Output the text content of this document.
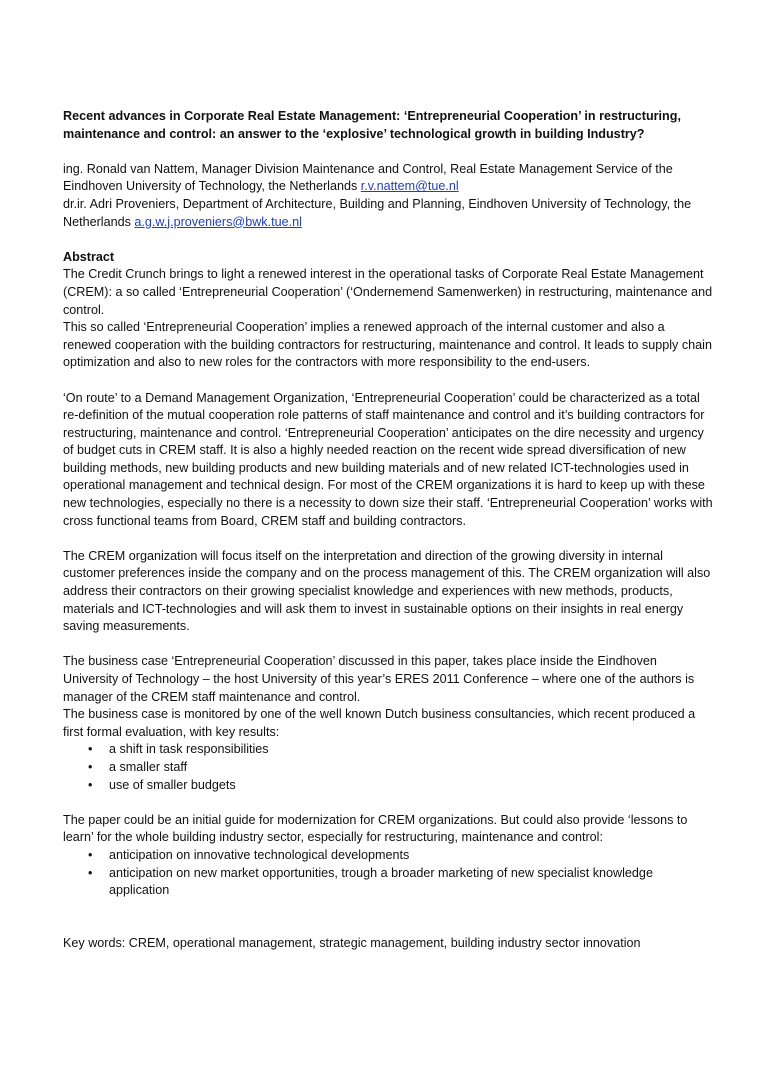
Recent advances in Corporate Real Estate Management: ‘Entrepreneurial Cooperation’ in restructuring, maintenance and control: an answer to the ‘explosive’ technological growth in building Industry?

ing. Ronald van Nattem, Manager Division Maintenance and Control, Real Estate Management Service of the Eindhoven University of Technology, the Netherlands r.v.nattem@tue.nl
dr.ir. Adri Proveniers, Department of Architecture, Building and Planning, Eindhoven University of Technology, the Netherlands a.g.w.j.proveniers@bwk.tue.nl
Abstract
The Credit Crunch brings to light a renewed interest in the operational tasks of Corporate Real Estate Management (CREM): a so called ‘Entrepreneurial Cooperation’ (‘Ondernemend Samenwerken) in restructuring, maintenance and control.
This so called ‘Entrepreneurial Cooperation’ implies a renewed approach of the internal customer and also a renewed cooperation with the building contractors for restructuring, maintenance and control. It leads to supply chain optimization and also to new roles for the contractors with more responsibility to the end-users.

‘On route’ to a Demand Management Organization, ‘Entrepreneurial Cooperation’ could be characterized as a total re-definition of the mutual cooperation role patterns of staff maintenance and control and it’s building contractors for restructuring, maintenance and control. ‘Entrepreneurial Cooperation’ anticipates on the dire necessity and urgency of budget cuts in CREM staff. It is also a highly needed reaction on the recent wide spread diversification of new building methods, new building products and new building materials and of new related ICT-technologies used in operational management and technical design. For most of the CREM organizations it is hard to keep up with these new technologies, especially no there is a necessity to down size their staff. ‘Entrepreneurial Cooperation’ works with cross functional teams from Board, CREM staff and building contractors.

The CREM organization will focus itself on the interpretation and direction of the growing diversity in internal customer preferences inside the company and on the process management of this. The CREM organization will also address their contractors on their growing specialist knowledge and experiences with new methods, products, materials and ICT-technologies and will ask them to invest in sustainable options on their insights in real energy saving measurements.

The business case ‘Entrepreneurial Cooperation’ discussed in this paper, takes place inside the Eindhoven University of Technology – the host University of this year’s ERES 2011 Conference – where one of the authors is manager of the CREM staff maintenance and control.
The business case is monitored by one of the well known Dutch business consultancies, which recent produced a first formal evaluation, with key results:
• a shift in task responsibilities
• a smaller staff
• use of smaller budgets
The paper could be an initial guide for modernization for CREM organizations. But could also provide ‘lessons to learn’ for the whole building industry sector, especially for restructuring, maintenance and control:
• anticipation on innovative technological developments
• anticipation on new market opportunities, trough a broader marketing of new specialist knowledge application

Key words: CREM, operational management, strategic management, building industry sector innovation
